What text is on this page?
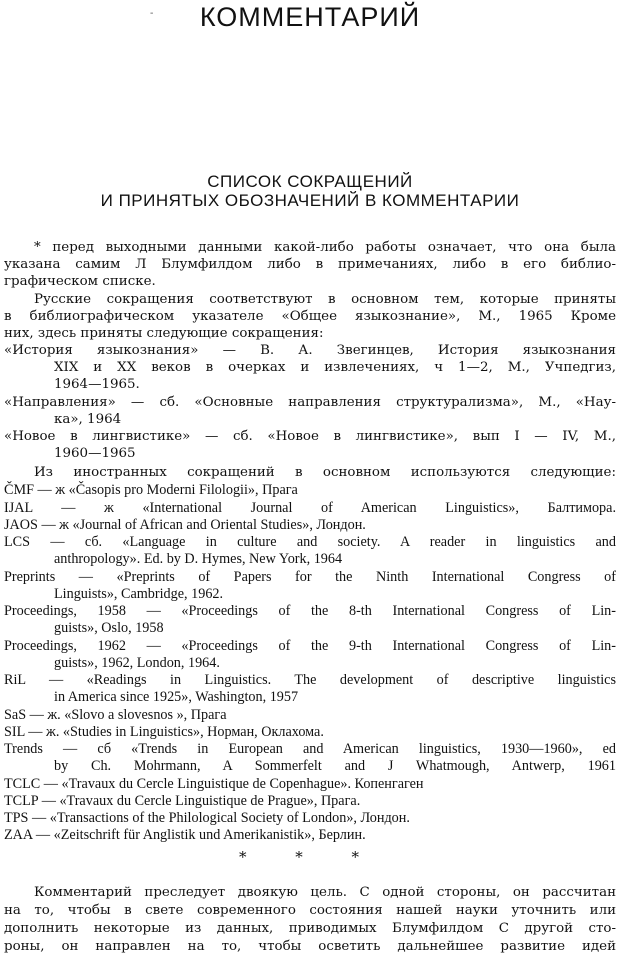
-	КОММЕНТАРИЙ
СПИСОК СОКРАЩЕНИЙ
И ПРИНЯТЫХ ОБОЗНАЧЕНИЙ В КОММЕНТАРИИ
* перед выходными данными какой-либо работы означает, что она была
указана самим Л Блумфилдом либо в примечаниях, либо в его библио-
графическом списке.
Русские сокращения соответствуют в основном тем, которые приняты
в библиографическом указателе «Общее языкознание», М., 1965 Кроме
них, здесь приняты следующие сокращения:
«История языкознания» — В. А. Звегинцев, История языкознания
XIX и XX веков в очерках и извлечениях, ч 1—2, М., Учпедгиз,
1964—1965.
«Направления» — сб. «Основные направления структурализма», М., «Нау-
ка», 1964
«Новое в лингвистике» — сб. «Новое в лингвистике», вып I — IV, М.,
1960—1965
Из иностранных сокращений в основном используются следующие:
ČMF — ж «Časopis pro Moderni Filologii», Прага
IJAL — ж «International Journal of American Linguistics», Балтимора.
JAOS — ж «Journal of African and Oriental Studies», Лондон.
LCS — сб. «Language in culture and society. A reader in linguistics and
anthropology». Ed. by D. Hymes, New York, 1964
Preprints — «Preprints of Papers for the Ninth International Congress of
Linguists», Cambridge, 1962.
Proceedings, 1958 — «Proceedings of the 8-th International Congress of Lin-
guists», Oslo, 1958
Proceedings, 1962 — «Proceedings of the 9-th International Congress of Lin-
guists», 1962, London, 1964.
RiL — «Readings in Linguistics. The development of descriptive linguistics
in America since 1925», Washington, 1957
SaS — ж. «Slovo a slovesnos », Прага
SIL — ж. «Studies in Linguistics», Норман, Оклахома.
Trends — сб «Trends in European and American linguistics, 1930—1960», ed
by Ch. Mohrmann, A Sommerfelt and J Whatmough, Antwerp, 1961
TCLC — «Travaux du Cercle Linguistique de Copenhague». Копенгаген
TCLP — «Travaux du Cercle Linguistique de Prague», Прага.
TPS — «Transactions of the Philological Society of London», Лондон.
ZAA — «Zeitschrift für Anglistik und Amerikanistik», Берлин.
* * *
Комментарий преследует двоякую цель. С одной стороны, он рассчитан
на то, чтобы в свете современного состояния нашей науки уточнить или
дополнить некоторые из данных, приводимых Блумфилдом С другой сто-
роны, он направлен на то, чтобы осветить дальнейшее развитие идей
